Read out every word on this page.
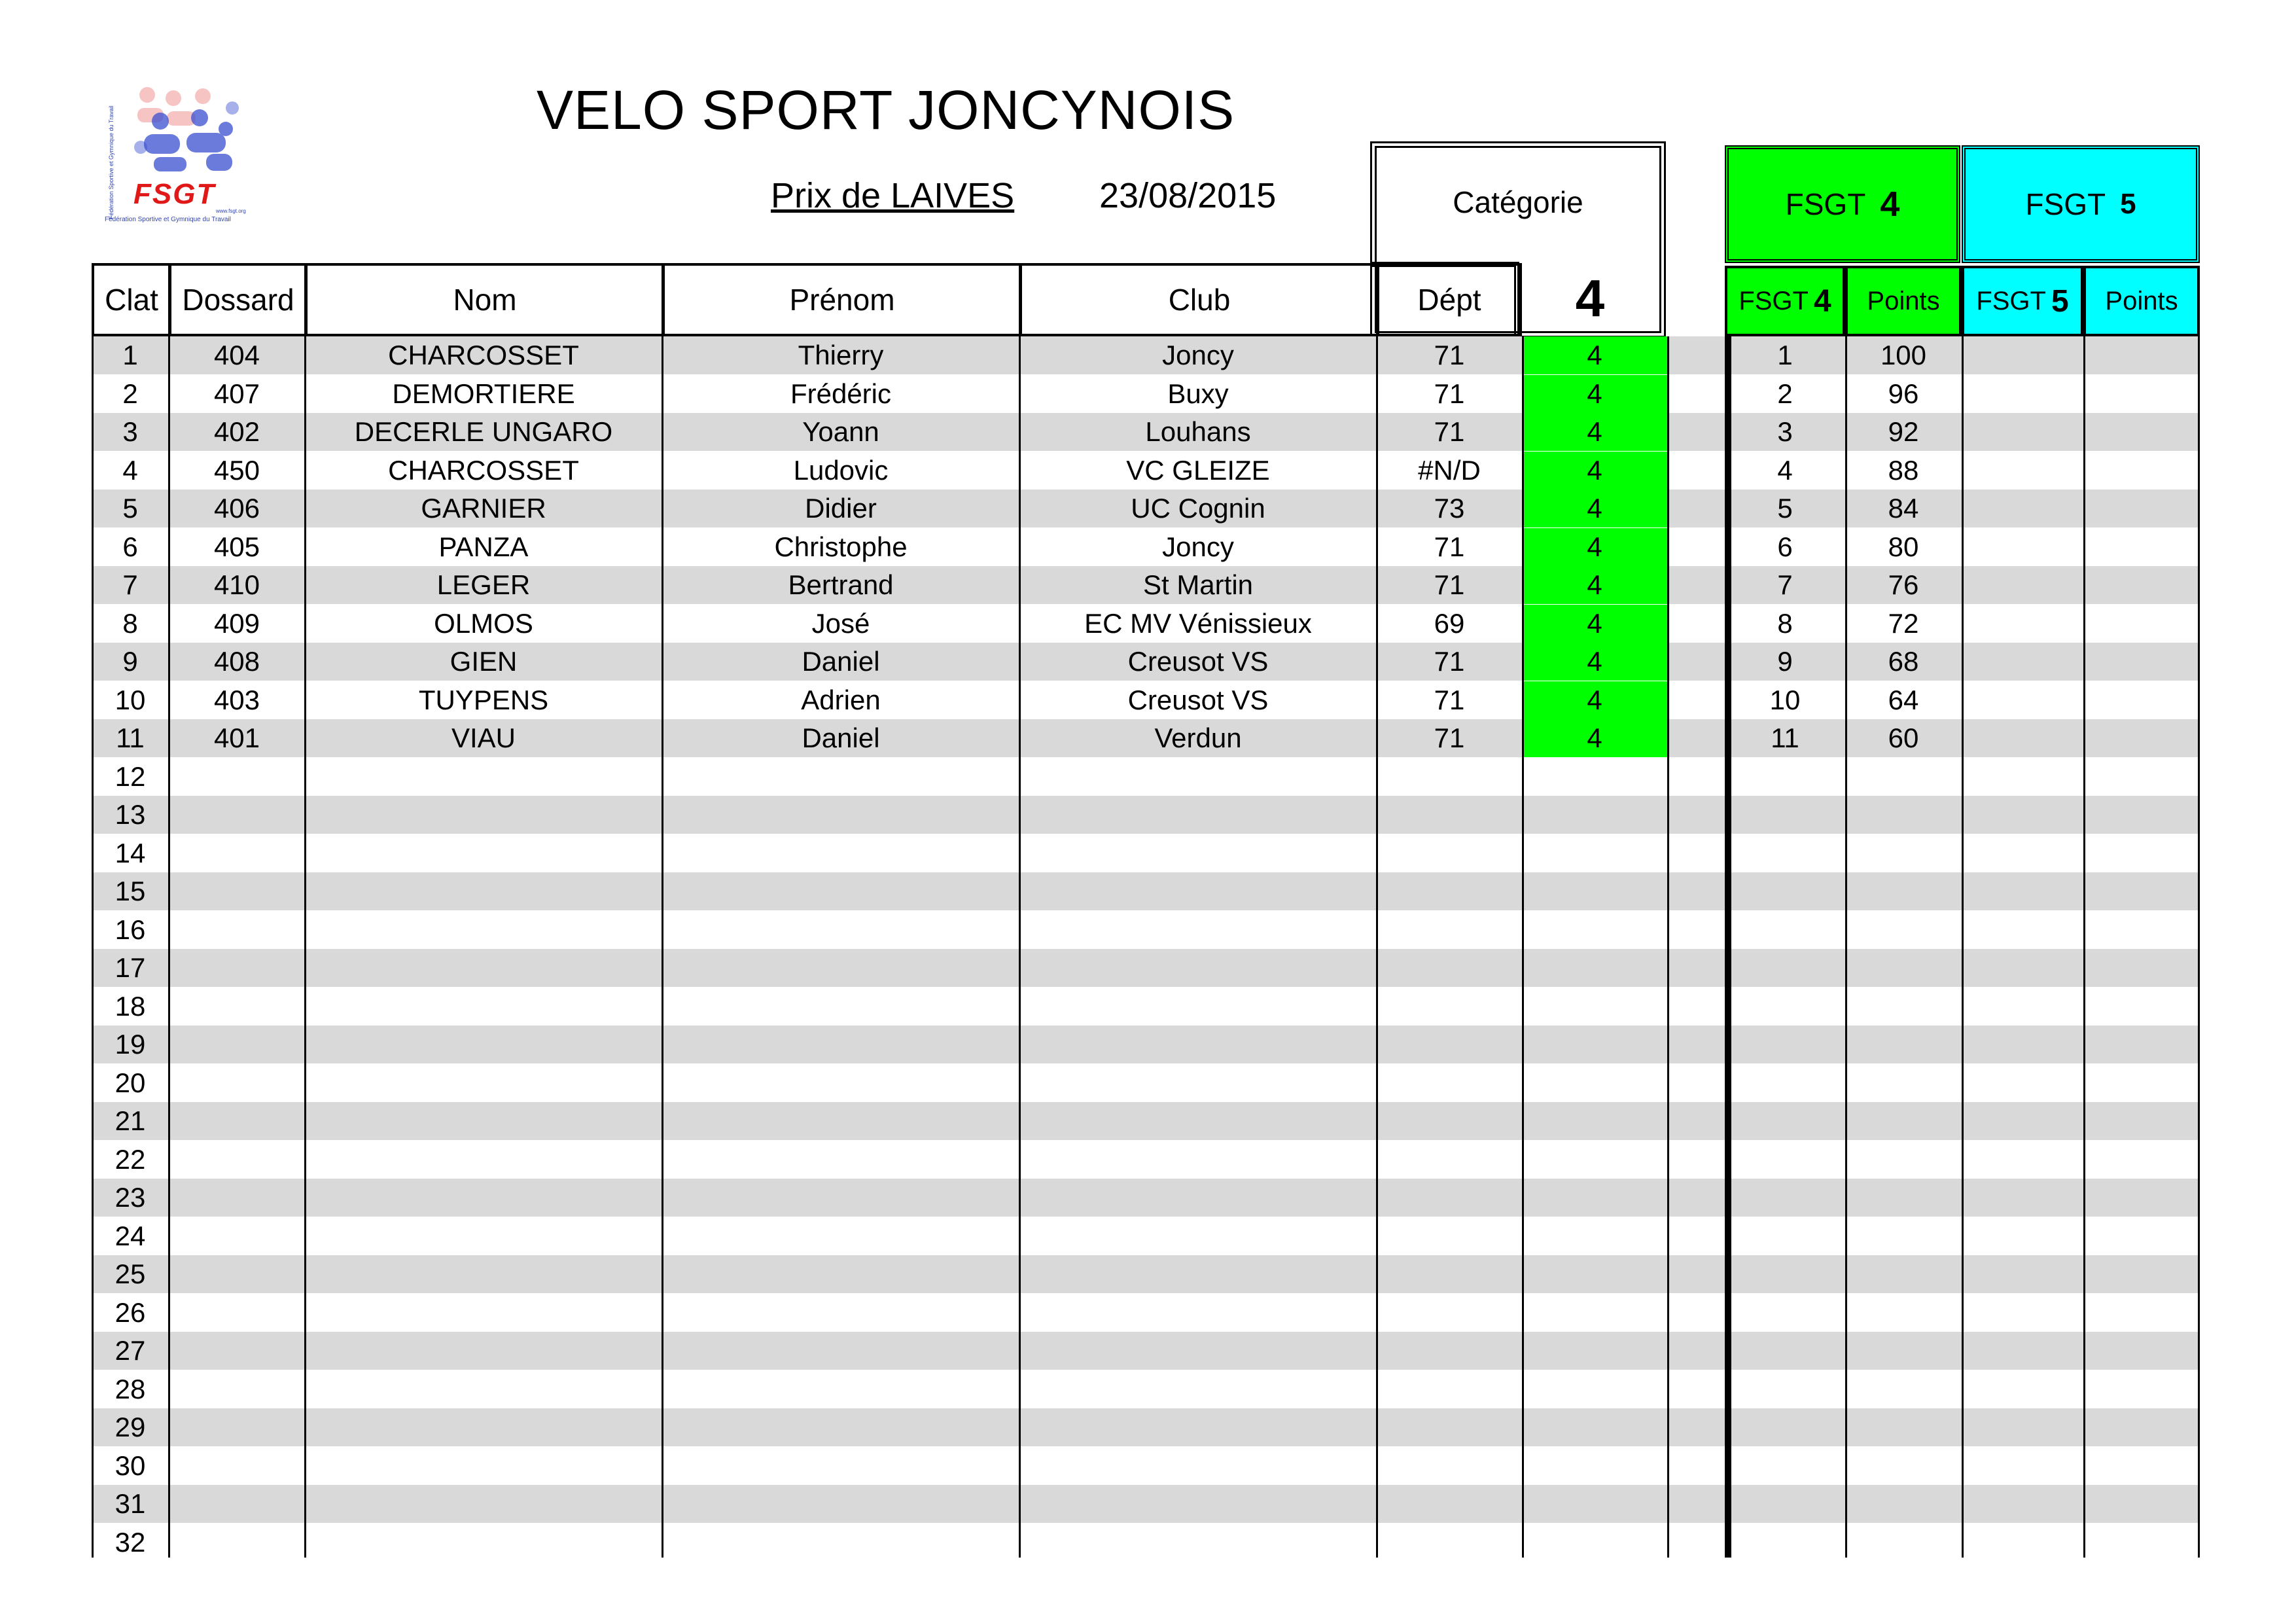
Fédération Sportive et Gymnique du Travail FSGT
www.fsgt.org
Fédération Sportive et Gymnique du Travail
VELO SPORT JONCYNOIS
Prix de LAIVES 23/08/2015	Catégorie
4
FSGT 4	FSGT 5
FSGT 4	Points	FSGT 5	Points
Clat Dossard	Nom	Prénom	Club	Dépt
1	404	CHARCOSSET	Thierry	Joncy	71	4	1	100
2	407	DEMORTIERE	Frédéric	Buxy	71	4	2	96
3	402	DECERLE UNGARO	Yoann	Louhans	71	4	3	92
4	450	CHARCOSSET	Ludovic	VC GLEIZE	#N/D	4	4	88
5	406	GARNIER	Didier	UC Cognin	73	4	5	84
6	405	PANZA	Christophe	Joncy	71	4	6	80
7	410	LEGER	Bertrand	St Martin	71	4	7	76
8	409	OLMOS	José	EC MV Vénissieux	69	4	8	72
9	408	GIEN	Daniel	Creusot VS	71	4	9	68
10	403	TUYPENS	Adrien	Creusot VS	71	4	10	64
11	401	VIAU	Daniel	Verdun	71	4	11	60
12
13
14
15
16
17
18
19
20
21
22
23
24
25
26
27
28
29
30
31
32
